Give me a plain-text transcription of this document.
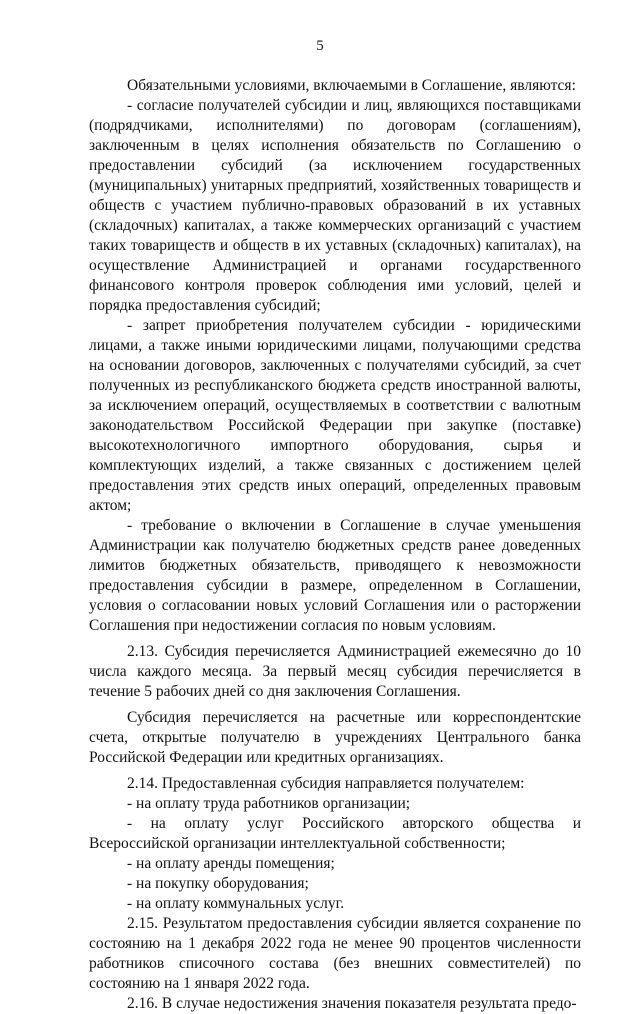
5

Обязательными условиями, включаемыми в Соглашение, являются:

- согласие получателей субсидии и лиц, являющихся поставщиками (подрядчиками, исполнителями) по договорам (соглашениям), заключенным в целях исполнения обязательств по Соглашению о предоставлении субсидий (за исключением государственных (муниципальных) унитарных предприятий, хозяйственных товариществ и обществ с участием публично-правовых образований в их уставных (складочных) капиталах, а также коммерческих организаций с участием таких товариществ и обществ в их уставных (складочных) капиталах), на осуществление Администрацией и органами государственного финансового контроля проверок соблюдения ими условий, целей и порядка предоставления субсидий;

- запрет приобретения получателем субсидии - юридическими лицами, а также иными юридическими лицами, получающими средства на основании договоров, заключенных с получателями субсидий, за счет полученных из республиканского бюджета средств иностранной валюты, за исключением операций, осуществляемых в соответствии с валютным законодательством Российской Федерации при закупке (поставке) высокотехнологичного импортного оборудования, сырья и комплектующих изделий, а также связанных с достижением целей предоставления этих средств иных операций, определенных правовым актом;

- требование о включении в Соглашение в случае уменьшения Администрации как получателю бюджетных средств ранее доведенных лимитов бюджетных обязательств, приводящего к невозможности предоставления субсидии в размере, определенном в Соглашении, условия о согласовании новых условий Соглашения или о расторжении Соглашения при недостижении согласия по новым условиям.

2.13. Субсидия перечисляется Администрацией ежемесячно до 10 числа каждого месяца. За первый месяц субсидия перечисляется в течение 5 рабочих дней со дня заключения Соглашения.

Субсидия перечисляется на расчетные или корреспондентские счета, открытые получателю в учреждениях Центрального банка Российской Федерации или кредитных организациях.

2.14. Предоставленная субсидия направляется получателем:

- на оплату труда работников организации;

- на оплату услуг Российского авторского общества и Всероссийской организации интеллектуальной собственности;

- на оплату аренды помещения;

- на покупку оборудования;

- на оплату коммунальных услуг.

2.15. Результатом предоставления субсидии является сохранение по состоянию на 1 декабря 2022 года не менее 90 процентов численности работников списочного состава (без внешних совместителей) по состоянию на 1 января 2022 года.

2.16. В случае недостижения значения показателя результата предо-
